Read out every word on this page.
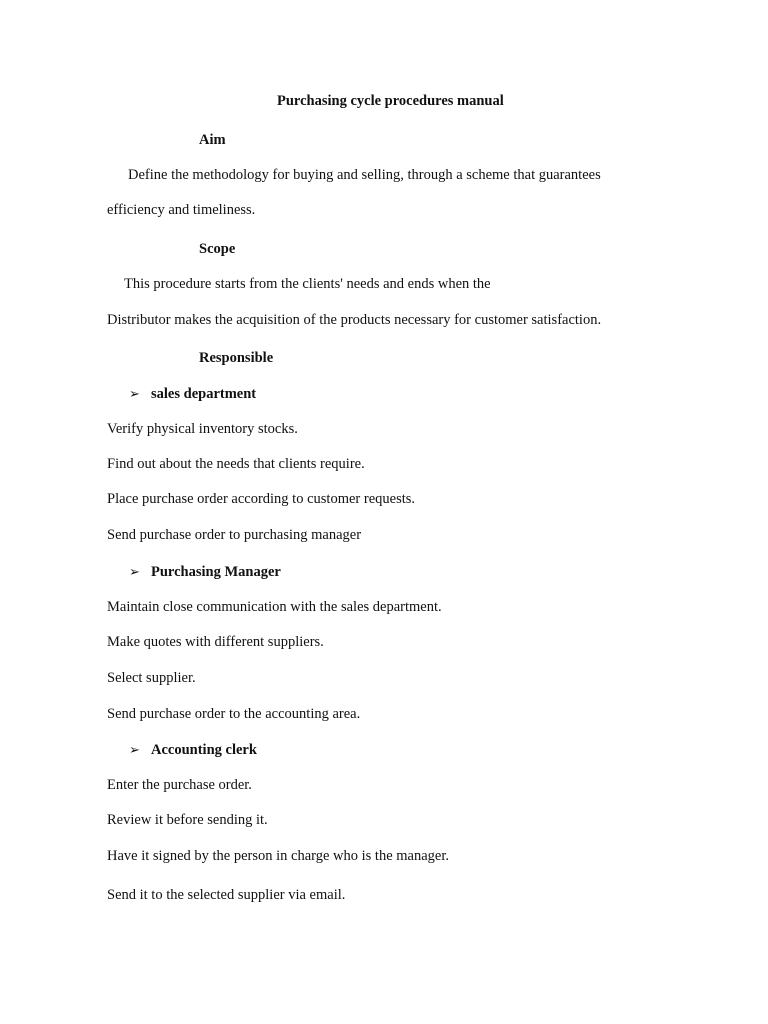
Purchasing cycle procedures manual
Aim
Define the methodology for buying and selling, through a scheme that guarantees
efficiency and timeliness.
Scope
This procedure starts from the clients' needs and ends when the
Distributor makes the acquisition of the products necessary for customer satisfaction.
Responsible
➢ sales department
Verify physical inventory stocks.
Find out about the needs that clients require.
Place purchase order according to customer requests.
Send purchase order to purchasing manager
➢ Purchasing Manager
Maintain close communication with the sales department.
Make quotes with different suppliers.
Select supplier.
Send purchase order to the accounting area.
➢ Accounting clerk
Enter the purchase order.
Review it before sending it.
Have it signed by the person in charge who is the manager.
Send it to the selected supplier via email.
